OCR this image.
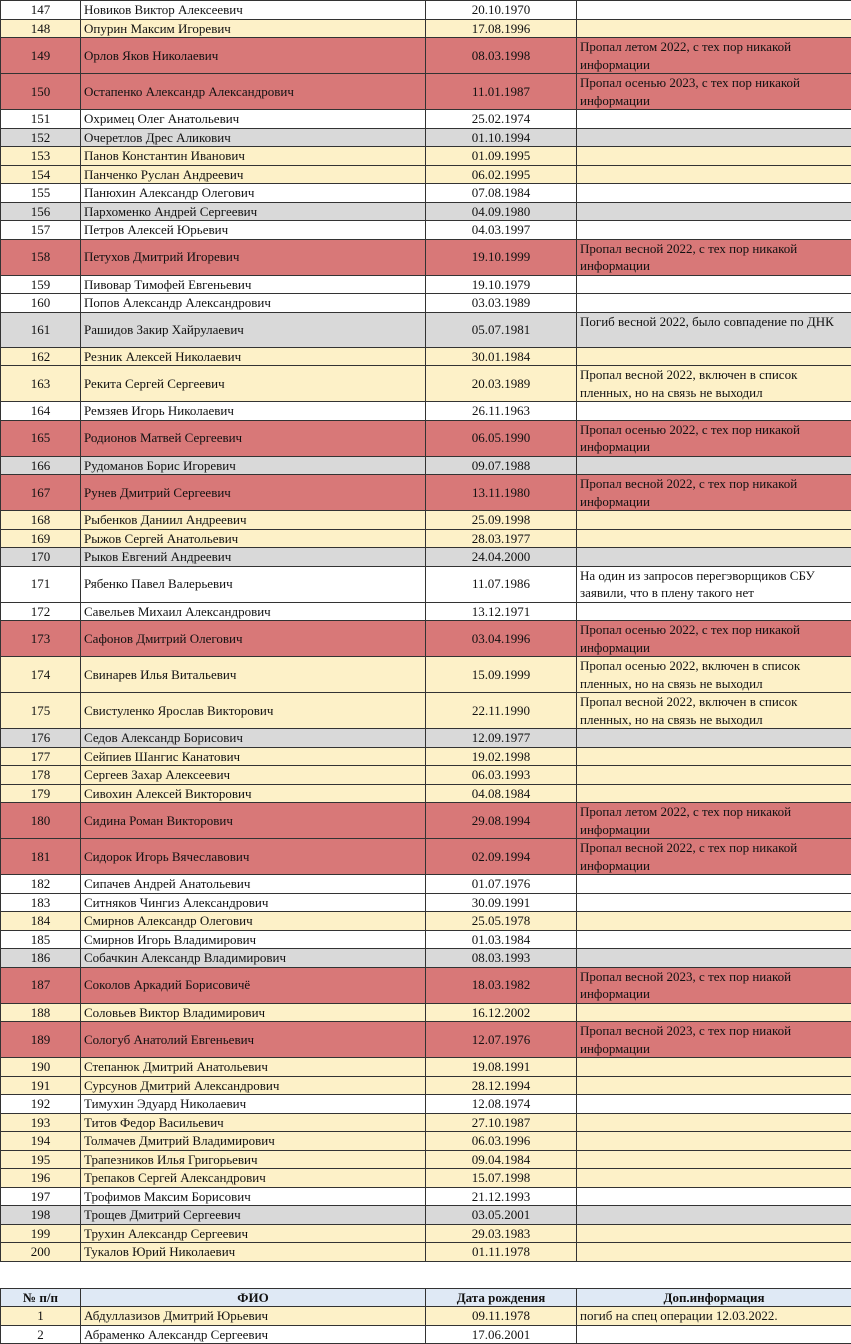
147	Новиков Виктор Алексеевич	20.10.1970	
148	Опурин Максим Игоревич	17.08.1996	
149	Орлов Яков Николаевич	08.03.1998	Пропал летом 2022, с тех пор никакой информации
150	Остапенко Александр Александрович	11.01.1987	Пропал осенью 2023, с тех пор никакой информации
151	Охримец Олег Анатольевич	25.02.1974	
152	Очеретлов Дрес Аликович	01.10.1994	
153	Панов Константин Иванович	01.09.1995	
154	Панченко Руслан Андреевич	06.02.1995	
155	Панюхин Александр Олегович	07.08.1984	
156	Пархоменко Андрей Сергеевич	04.09.1980	
157	Петров Алексей Юрьевич	04.03.1997	
158	Петухов Дмитрий Игоревич	19.10.1999	Пропал весной 2022, с тех пор никакой информации
159	Пивовар Тимофей Евгеньевич	19.10.1979	
160	Попов Александр Александрович	03.03.1989	
161	Рашидов Закир Хайрулаевич	05.07.1981	Погиб весной 2022, было совпадение по ДНК
162	Резник Алексей Николаевич	30.01.1984	
163	Рекита Сергей Сергеевич	20.03.1989	Пропал весной 2022, включен в список пленных, но на связь не выходил
164	Ремзяев Игорь Николаевич	26.11.1963	
165	Родионов Матвей Сергеевич	06.05.1990	Пропал осенью 2022, с тех пор никакой информации
166	Рудоманов Борис Игоревич	09.07.1988	
167	Рунев Дмитрий Сергеевич	13.11.1980	Пропал весной 2022, с тех пор никакой информации
168	Рыбенков Даниил Андреевич	25.09.1998	
169	Рыжов Сергей Анатольевич	28.03.1977	
170	Рыков Евгений Андреевич	24.04.2000	
171	Рябенко Павел Валерьевич	11.07.1986	На один из запросов перегэворщиков СБУ заявили, что в плену такого нет
172	Савельев Михаил Александрович	13.12.1971	
173	Сафонов Дмитрий Олегович	03.04.1996	Пропал осенью 2022, с тех пор никакой информации
174	Свинарев Илья Витальевич	15.09.1999	Пропал осенью 2022, включен в список пленных, но на связь не выходил
175	Свистуленко Ярослав Викторович	22.11.1990	Пропал весной 2022, включен в список пленных, но на связь не выходил
176	Седов Александр Борисович	12.09.1977	
177	Сейпиев Шангис Канатович	19.02.1998	
178	Сергеев Захар Алексеевич	06.03.1993	
179	Сивохин Алексей Викторович	04.08.1984	
180	Сидина Роман Викторович	29.08.1994	Пропал летом 2022, с тех пор никакой информации
181	Сидорок Игорь Вячеславович	02.09.1994	Пропал весной 2022, с тех пор никакой информации
182	Сипачев Андрей Анатольевич	01.07.1976	
183	Ситняков Чингиз Александрович	30.09.1991	
184	Смирнов Александр Олегович	25.05.1978	
185	Смирнов Игорь Владимирович	01.03.1984	
186	Собачкин Александр Владимирович	08.03.1993	
187	Соколов Аркадий Борисовичё	18.03.1982	Пропал весной 2023, с тех пор ниакой информации
188	Соловьев Виктор Владимирович	16.12.2002	
189	Сологуб Анатолий Евгеньевич	12.07.1976	Пропал весной 2023, с тех пор ниакой информации
190	Степанюк Дмитрий Анатольевич	19.08.1991	
191	Сурсунов Дмитрий Александрович	28.12.1994	
192	Тимухин Эдуард Николаевич	12.08.1974	
193	Титов Федор Васильевич	27.10.1987	
194	Толмачев Дмитрий Владимирович	06.03.1996	
195	Трапезников Илья Григорьевич	09.04.1984	
196	Трепаков Сергей Александрович	15.07.1998	
197	Трофимов Максим Борисович	21.12.1993	
198	Трощев Дмитрий Сергеевич	03.05.2001	
199	Трухин Александр Сергеевич	29.03.1983	
200	Тукалов Юрий Николаевич	01.11.1978	
№ п/п	ФИО	Дата рождения	Доп.информация
1	Абдуллазизов Дмитрий Юрьевич	09.11.1978	погиб на спец операции 12.03.2022.
2	Абраменко Александр Сергеевич	17.06.2001	
